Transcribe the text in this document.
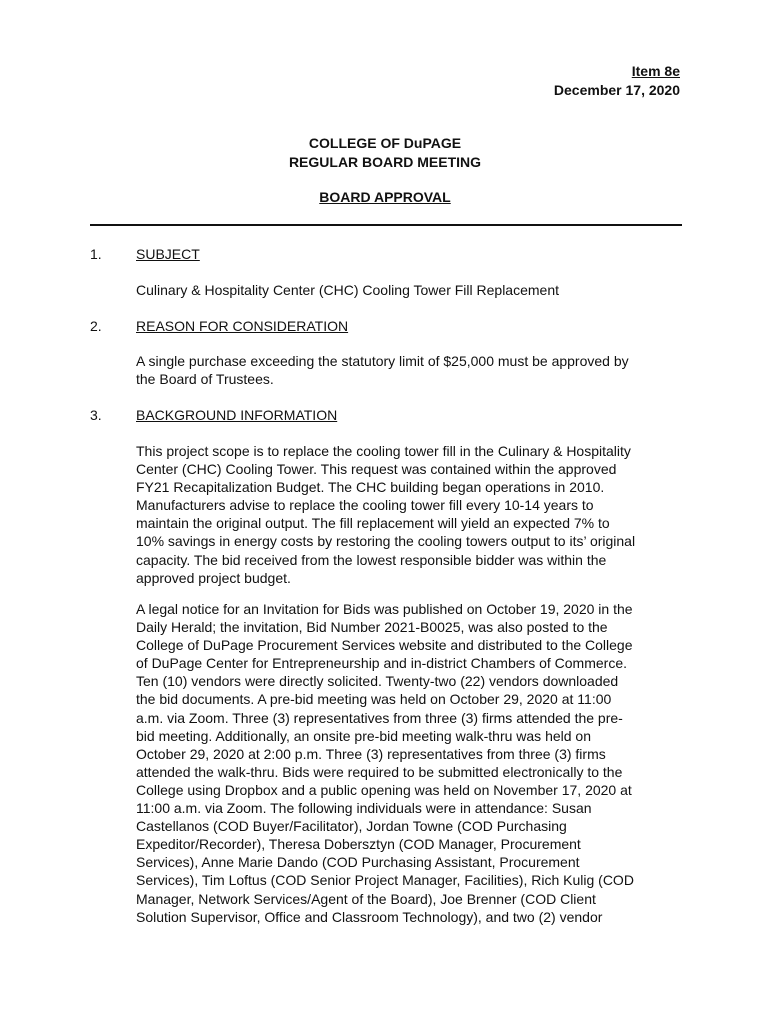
Item 8e
December 17, 2020
COLLEGE OF DuPAGE
REGULAR BOARD MEETING
BOARD APPROVAL
1. SUBJECT

Culinary & Hospitality Center (CHC) Cooling Tower Fill Replacement

2. REASON FOR CONSIDERATION

A single purchase exceeding the statutory limit of $25,000 must be approved by
the Board of Trustees.

3. BACKGROUND INFORMATION

This project scope is to replace the cooling tower fill in the Culinary & Hospitality
Center (CHC) Cooling Tower. This request was contained within the approved
FY21 Recapitalization Budget. The CHC building began operations in 2010.
Manufacturers advise to replace the cooling tower fill every 10-14 years to
maintain the original output. The fill replacement will yield an expected 7% to
10% savings in energy costs by restoring the cooling towers output to its’ original
capacity. The bid received from the lowest responsible bidder was within the
approved project budget.

A legal notice for an Invitation for Bids was published on October 19, 2020 in the
Daily Herald; the invitation, Bid Number 2021-B0025, was also posted to the
College of DuPage Procurement Services website and distributed to the College
of DuPage Center for Entrepreneurship and in-district Chambers of Commerce.
Ten (10) vendors were directly solicited. Twenty-two (22) vendors downloaded
the bid documents. A pre-bid meeting was held on October 29, 2020 at 11:00
a.m. via Zoom. Three (3) representatives from three (3) firms attended the pre-
bid meeting. Additionally, an onsite pre-bid meeting walk-thru was held on
October 29, 2020 at 2:00 p.m. Three (3) representatives from three (3) firms
attended the walk-thru. Bids were required to be submitted electronically to the
College using Dropbox and a public opening was held on November 17, 2020 at
11:00 a.m. via Zoom. The following individuals were in attendance: Susan
Castellanos (COD Buyer/Facilitator), Jordan Towne (COD Purchasing
Expeditor/Recorder), Theresa Dobersztyn (COD Manager, Procurement
Services), Anne Marie Dando (COD Purchasing Assistant, Procurement
Services), Tim Loftus (COD Senior Project Manager, Facilities), Rich Kulig (COD
Manager, Network Services/Agent of the Board), Joe Brenner (COD Client
Solution Supervisor, Office and Classroom Technology), and two (2) vendor
